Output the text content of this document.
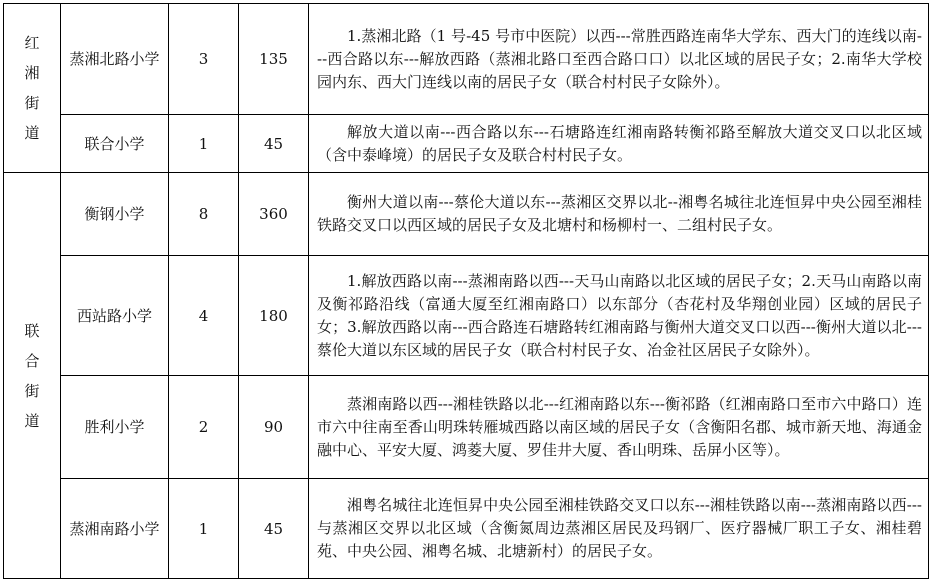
红
湘
街
道	蒸湘北路小学	3	135	1.蒸湘北路（1 号-45 号市中医院）以西---常胜西路连南华大学东、西大门的连线以南---西合路以东---解放西路（蒸湘北路口至西合路口口）以北区域的居民子女；2.南华大学校园内东、西大门连线以南的居民子女（联合村村民子女除外）。
	联合小学	1	45	解放大道以南---西合路以东---石塘路连红湘南路转衡祁路至解放大道交叉口以北区域（含中泰峰境）的居民子女及联合村村民子女。

联
合
街
道	衡钢小学	8	360	衡州大道以南---蔡伦大道以东---蒸湘区交界以北--湘粤名城往北连恒昇中央公园至湘桂铁路交叉口以西区域的居民子女及北塘村和杨柳村一、二组村民子女。
	西站路小学	4	180	1.解放西路以南---蒸湘南路以西---天马山南路以北区域的居民子女；2.天马山南路以南及衡祁路沿线（富通大厦至红湘南路口）以东部分（杏花村及华翔创业园）区域的居民子女；3.解放西路以南---西合路连石塘路转红湘南路与衡州大道交叉口以西---衡州大道以北---蔡伦大道以东区域的居民子女（联合村村民子女、冶金社区居民子女除外）。
	胜利小学	2	90	蒸湘南路以西---湘桂铁路以北---红湘南路以东---衡祁路（红湘南路口至市六中路口）连市六中往南至香山明珠转雁城西路以南区域的居民子女（含衡阳名郡、城市新天地、海通金融中心、平安大厦、鸿菱大厦、罗佳井大厦、香山明珠、岳屏小区等）。
	蒸湘南路小学	1	45	湘粤名城往北连恒昇中央公园至湘桂铁路交叉口以东---湘桂铁路以南---蒸湘南路以西---与蒸湘区交界以北区域（含衡氮周边蒸湘区居民及玛钢厂、医疗器械厂职工子女、湘桂碧苑、中央公园、湘粤名城、北塘新村）的居民子女。
